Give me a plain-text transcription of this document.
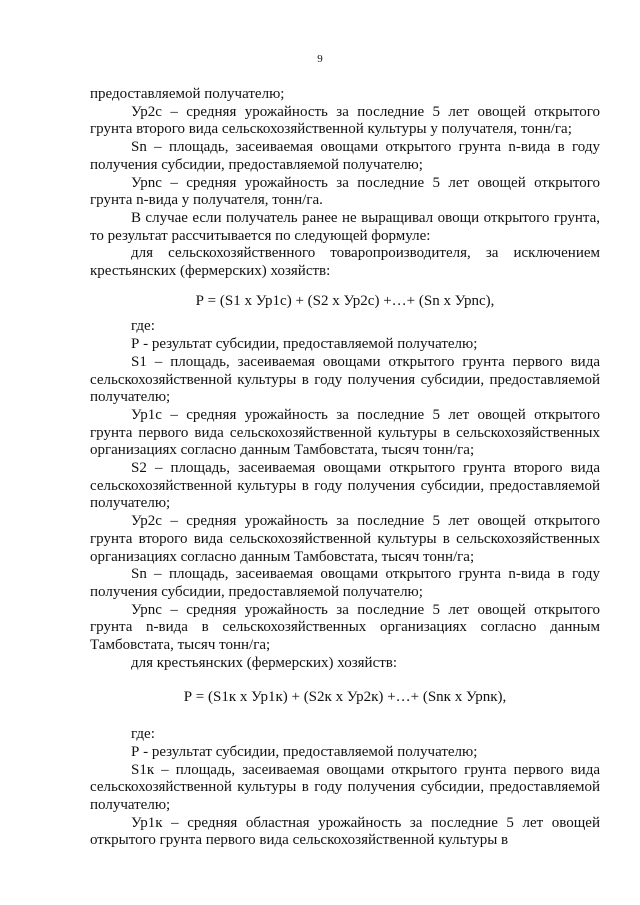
9

предоставляемой получателю;

Ур2с – средняя урожайность за последние 5 лет овощей открытого грунта второго вида сельскохозяйственной культуры у получателя, тонн/га;

Sn – площадь, засеиваемая овощами открытого грунта n-вида в году получения субсидии, предоставляемой получателю;

Урnс – средняя урожайность за последние 5 лет овощей открытого грунта n-вида у получателя, тонн/га.

В случае если получатель ранее не выращивал овощи открытого грунта, то результат рассчитывается по следующей формуле:

для сельскохозяйственного товаропроизводителя, за исключением крестьянских (фермерских) хозяйств:

Р = (S1 x Ур1с) + (S2 x Ур2с) +…+ (Sn x Урnс),

где:

Р - результат субсидии, предоставляемой получателю;

S1 – площадь, засеиваемая овощами открытого грунта первого вида сельскохозяйственной культуры в году получения субсидии, предоставляемой получателю;

Ур1с – средняя урожайность за последние 5 лет овощей открытого грунта первого вида сельскохозяйственной культуры в сельскохозяйственных организациях согласно данным Тамбовстата, тысяч тонн/га;

S2 – площадь, засеиваемая овощами открытого грунта второго вида сельскохозяйственной культуры в году получения субсидии, предоставляемой получателю;

Ур2с – средняя урожайность за последние 5 лет овощей открытого грунта второго вида сельскохозяйственной культуры в сельскохозяйственных организациях согласно данным Тамбовстата, тысяч тонн/га;

Sn – площадь, засеиваемая овощами открытого грунта n-вида в году получения субсидии, предоставляемой получателю;

Урnс – средняя урожайность за последние 5 лет овощей открытого грунта n-вида в сельскохозяйственных организациях согласно данным Тамбовстата, тысяч тонн/га;

для крестьянских (фермерских) хозяйств:

Р = (S1к x Ур1к) + (S2к x Ур2к) +…+ (Snк x Урnк),

где:

Р - результат субсидии, предоставляемой получателю;

S1к – площадь, засеиваемая овощами открытого грунта первого вида сельскохозяйственной культуры в году получения субсидии, предоставляемой получателю;

Ур1к – средняя областная урожайность за последние 5 лет овощей открытого грунта первого вида сельскохозяйственной культуры в
